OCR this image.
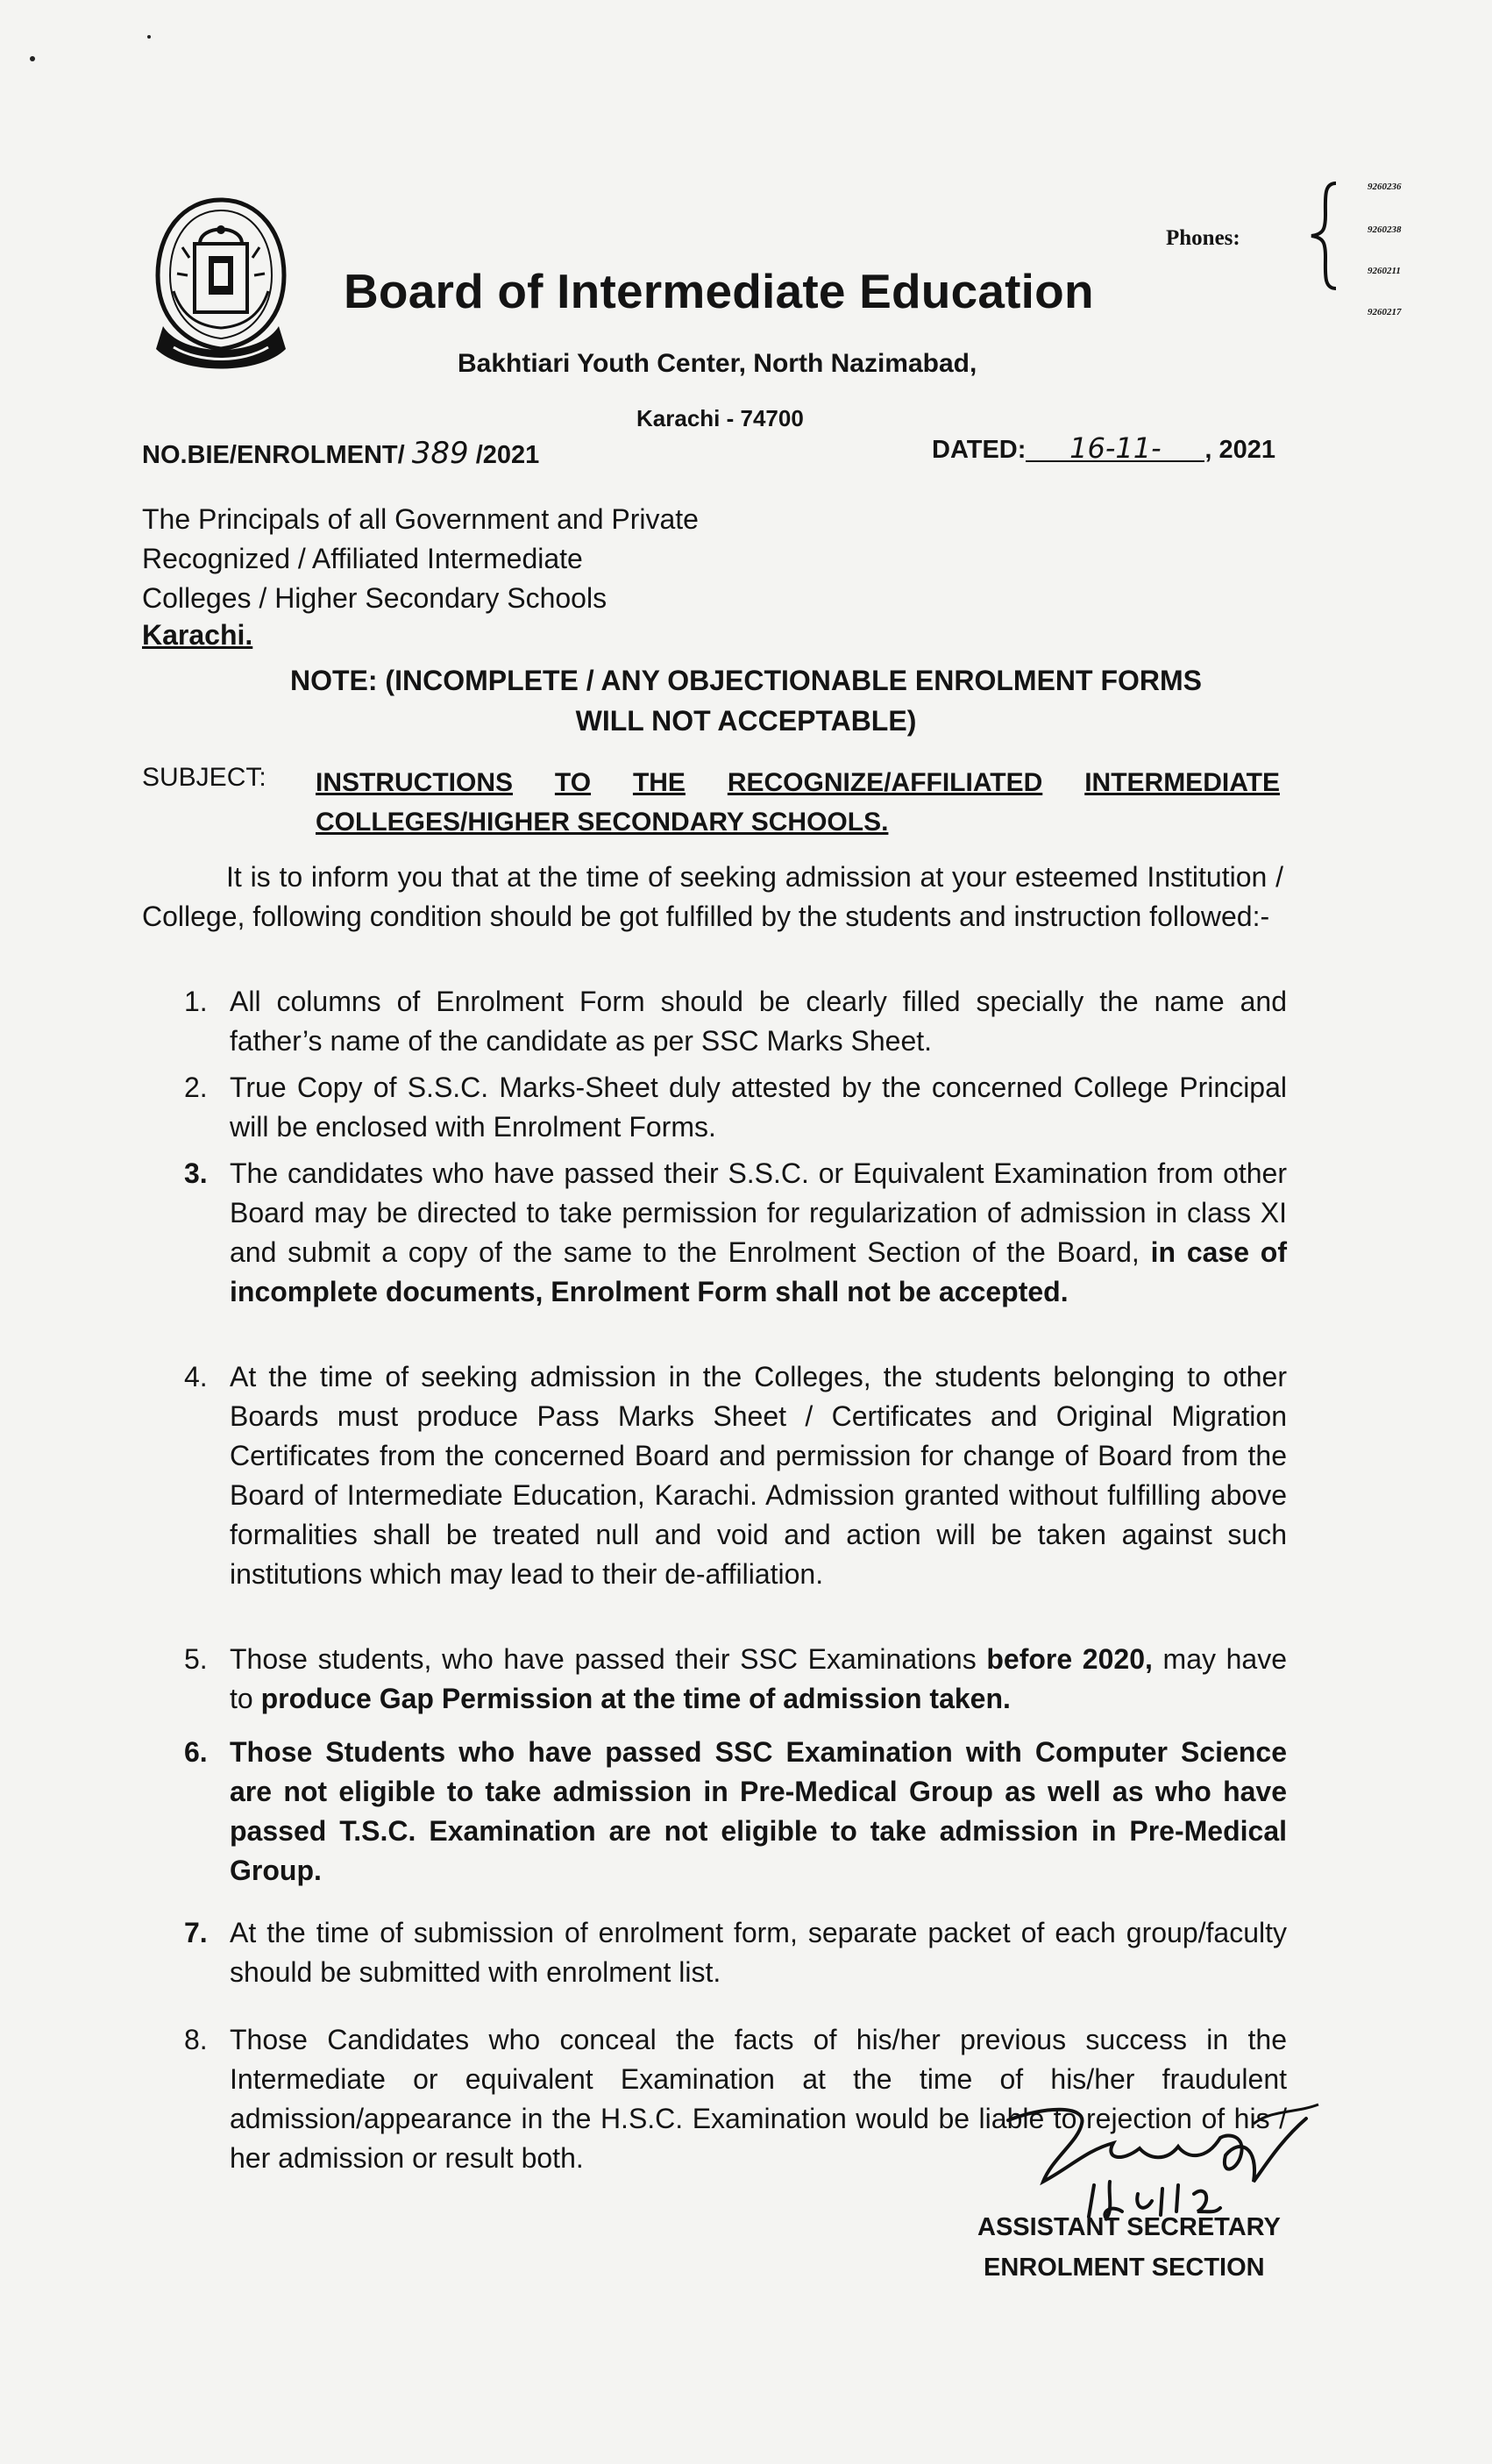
Board of Intermediate Education
Bakhtiari Youth Center, North Nazimabad,
Karachi - 74700
Phones:
9260236
9260238
9260211
9260217
NO.BIE/ENROLMENT/ 389 /2021	DATED: 16-11- , 2021
The Principals of all Government and Private
Recognized / Affiliated Intermediate
Colleges / Higher Secondary Schools
Karachi.
NOTE: (INCOMPLETE / ANY OBJECTIONABLE ENROLMENT FORMS
WILL NOT ACCEPTABLE)
SUBJECT: INSTRUCTIONS TO THE RECOGNIZE/AFFILIATED INTERMEDIATE
COLLEGES/HIGHER SECONDARY SCHOOLS.
It is to inform you that at the time of seeking admission at your esteemed Institution / College, following condition should be got fulfilled by the students and instruction followed:-
1. All columns of Enrolment Form should be clearly filled specially the name and father’s name of the candidate as per SSC Marks Sheet.
2. True Copy of S.S.C. Marks-Sheet duly attested by the concerned College Principal will be enclosed with Enrolment Forms.
3. The candidates who have passed their S.S.C. or Equivalent Examination from other Board may be directed to take permission for regularization of admission in class XI and submit a copy of the same to the Enrolment Section of the Board, in case of incomplete documents, Enrolment Form shall not be accepted.
4. At the time of seeking admission in the Colleges, the students belonging to other Boards must produce Pass Marks Sheet / Certificates and Original Migration Certificates from the concerned Board and permission for change of Board from the Board of Intermediate Education, Karachi. Admission granted without fulfilling above formalities shall be treated null and void and action will be taken against such institutions which may lead to their de-affiliation.
5. Those students, who have passed their SSC Examinations before 2020, may have to produce Gap Permission at the time of admission taken.
6. Those Students who have passed SSC Examination with Computer Science are not eligible to take admission in Pre-Medical Group as well as who have passed T.S.C. Examination are not eligible to take admission in Pre-Medical Group.
7. At the time of submission of enrolment form, separate packet of each group/faculty should be submitted with enrolment list.
8. Those Candidates who conceal the facts of his/her previous success in the Intermediate or equivalent Examination at the time of his/her fraudulent admission/appearance in the H.S.C. Examination would be liable to rejection of his / her admission or result both.
ASSISTANT SECRETARY
ENROLMENT SECTION
